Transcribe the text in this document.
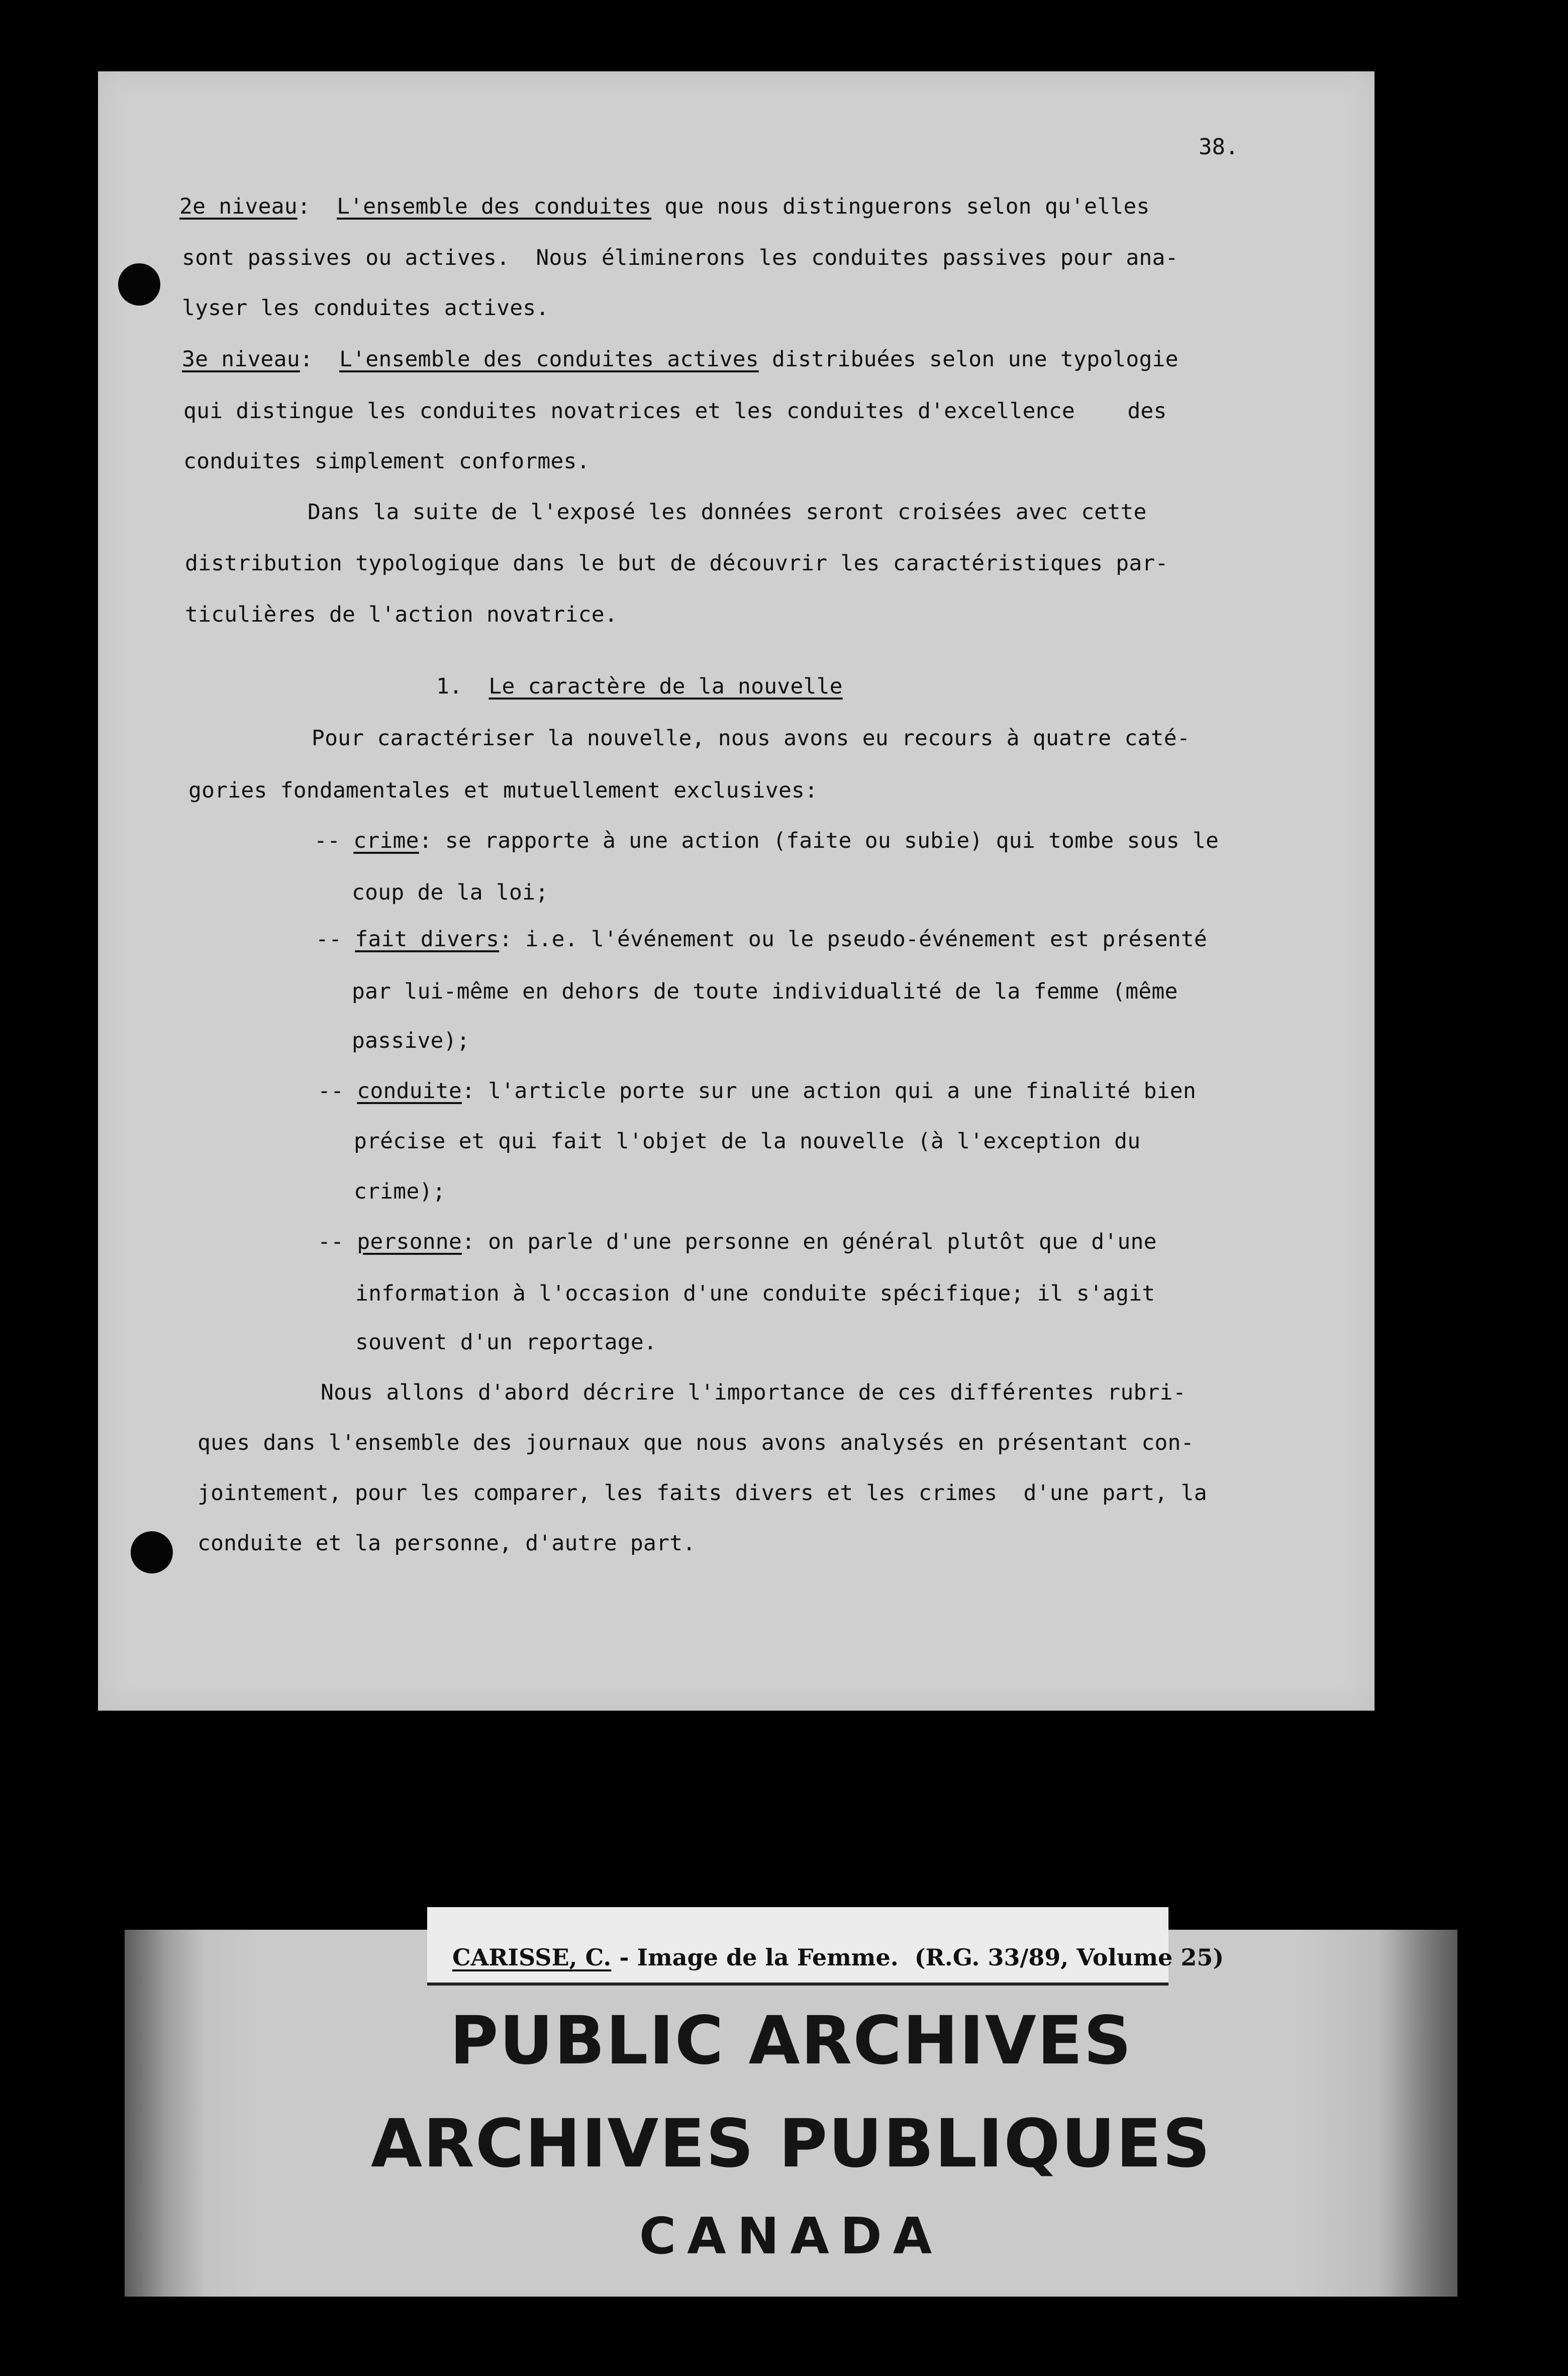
38.
2e niveau:  L'ensemble des conduites que nous distinguerons selon qu'elles
sont passives ou actives.  Nous éliminerons les conduites passives pour ana-
lyser les conduites actives.
3e niveau:  L'ensemble des conduites actives distribuées selon une typologie
qui distingue les conduites novatrices et les conduites d'excellence    des
conduites simplement conformes.
Dans la suite de l'exposé les données seront croisées avec cette
distribution typologique dans le but de découvrir les caractéristiques par-
ticulières de l'action novatrice.
1.  Le caractère de la nouvelle
Pour caractériser la nouvelle, nous avons eu recours à quatre caté-
gories fondamentales et mutuellement exclusives:
-- crime: se rapporte à une action (faite ou subie) qui tombe sous le
coup de la loi;
-- fait divers: i.e. l'événement ou le pseudo-événement est présenté
par lui-même en dehors de toute individualité de la femme (même
passive);
-- conduite: l'article porte sur une action qui a une finalité bien
précise et qui fait l'objet de la nouvelle (à l'exception du
crime);
-- personne: on parle d'une personne en général plutôt que d'une
information à l'occasion d'une conduite spécifique; il s'agit
souvent d'un reportage.
Nous allons d'abord décrire l'importance de ces différentes rubri-
ques dans l'ensemble des journaux que nous avons analysés en présentant con-
jointement, pour les comparer, les faits divers et les crimes  d'une part, la
conduite et la personne, d'autre part.
CARISSE, C. - Image de la Femme.  (R.G. 33/89, Volume 25)
PUBLIC ARCHIVES
ARCHIVES PUBLIQUES
CANADA
